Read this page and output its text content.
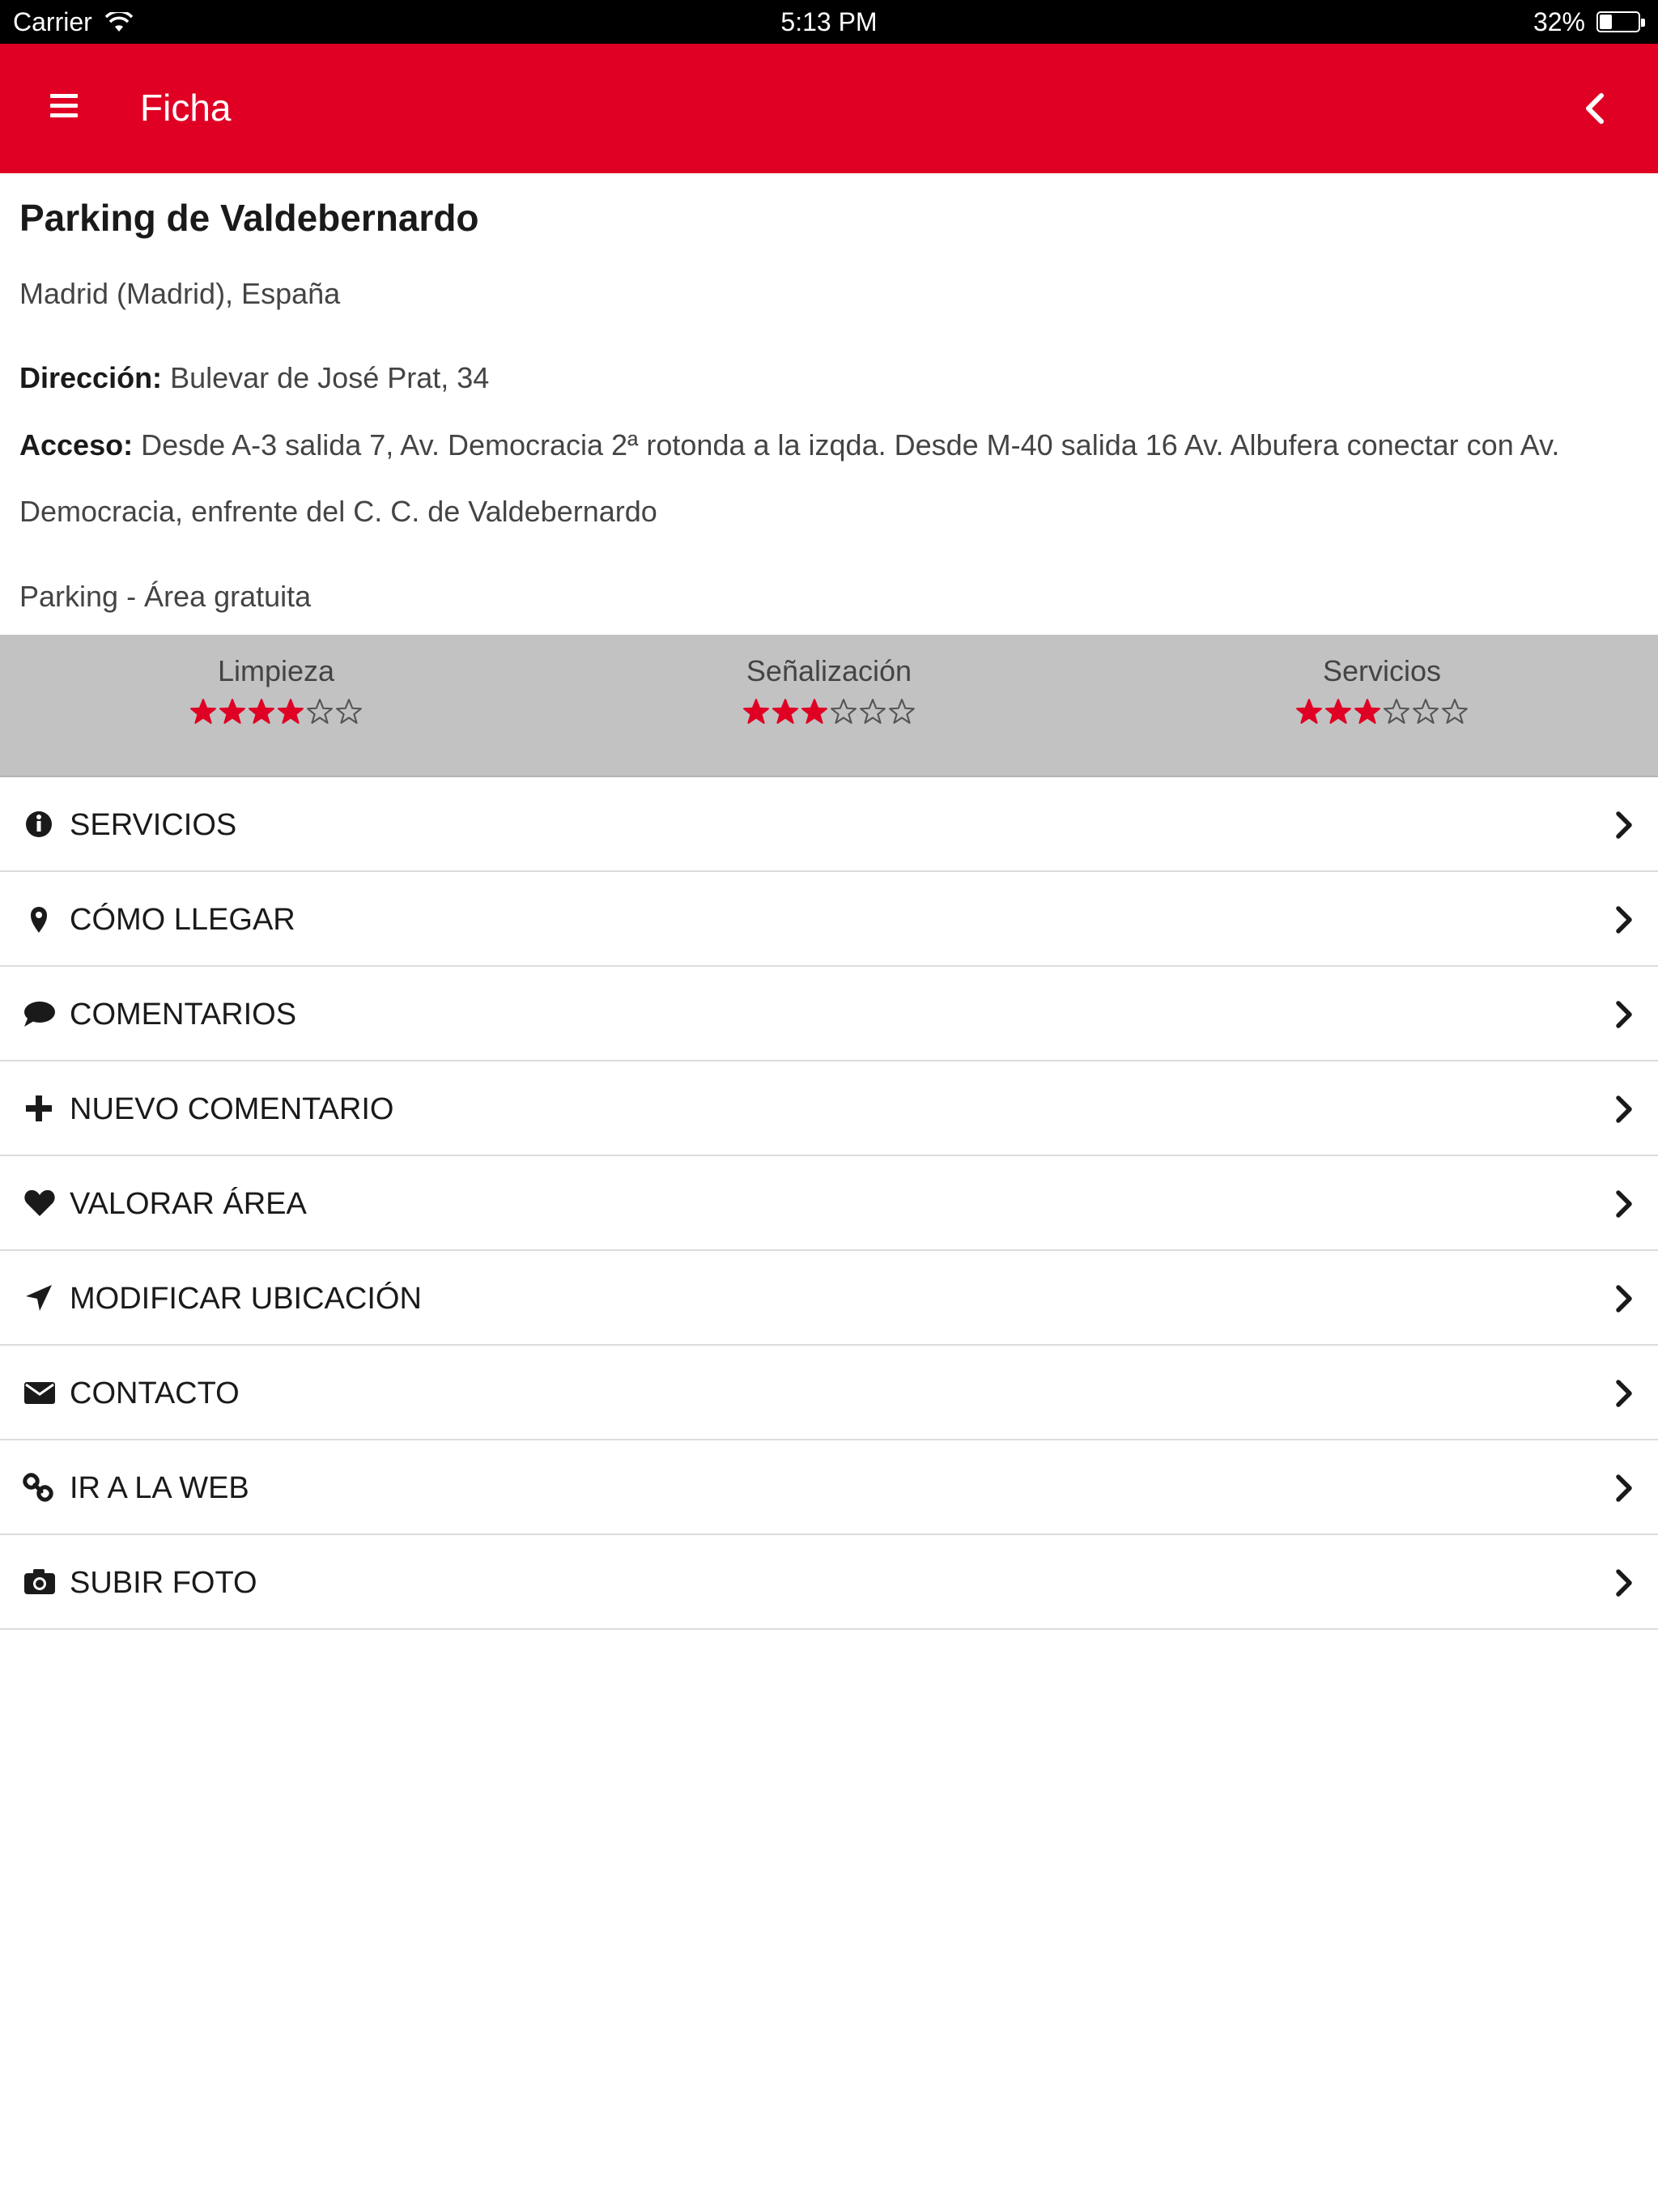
Carrier	5:13 PM	32%
Ficha
Parking de Valdebernardo
Madrid (Madrid), España
Dirección: Bulevar de José Prat, 34
Acceso: Desde A-3 salida 7, Av. Democracia 2ª rotonda a la izqda. Desde M-40 salida 16 Av. Albufera conectar con Av. Democracia, enfrente del C. C. de Valdebernardo
Parking - Área gratuita
Limpieza	Señalización	Servicios
SERVICIOS
CÓMO LLEGAR
COMENTARIOS
NUEVO COMENTARIO
VALORAR ÁREA
MODIFICAR UBICACIÓN
CONTACTO
IR A LA WEB
SUBIR FOTO
